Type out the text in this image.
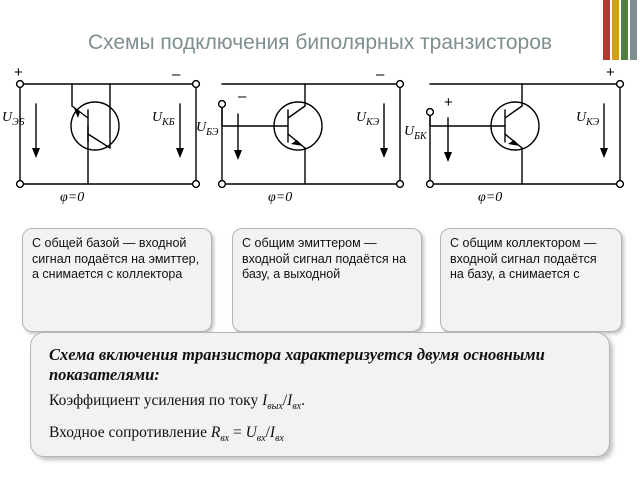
Схемы подключения биполярных транзисторов
+	–
$U_{ЭБ}$	$U_{КБ}$
φ=0
–
–
$U_{БЭ}$
$U_{КЭ}$
φ=0
+
+
$U_{БК}$
$U_{КЭ}$
φ=0
С общей базой — входной сигнал подаётся на эмиттер, а снимается с коллектора
С общим эмиттером — входной сигнал подаётся на базу, а выходной
С общим коллектором — входной сигнал подаётся на базу, а снимается с
Схема включения транзистора характеризуется двумя основными показателями:
Коэффициент усиления по току $I_{вых}/I_{вх}$.
Входное сопротивление $R_{вх} = U_{вх}/I_{вх}$
